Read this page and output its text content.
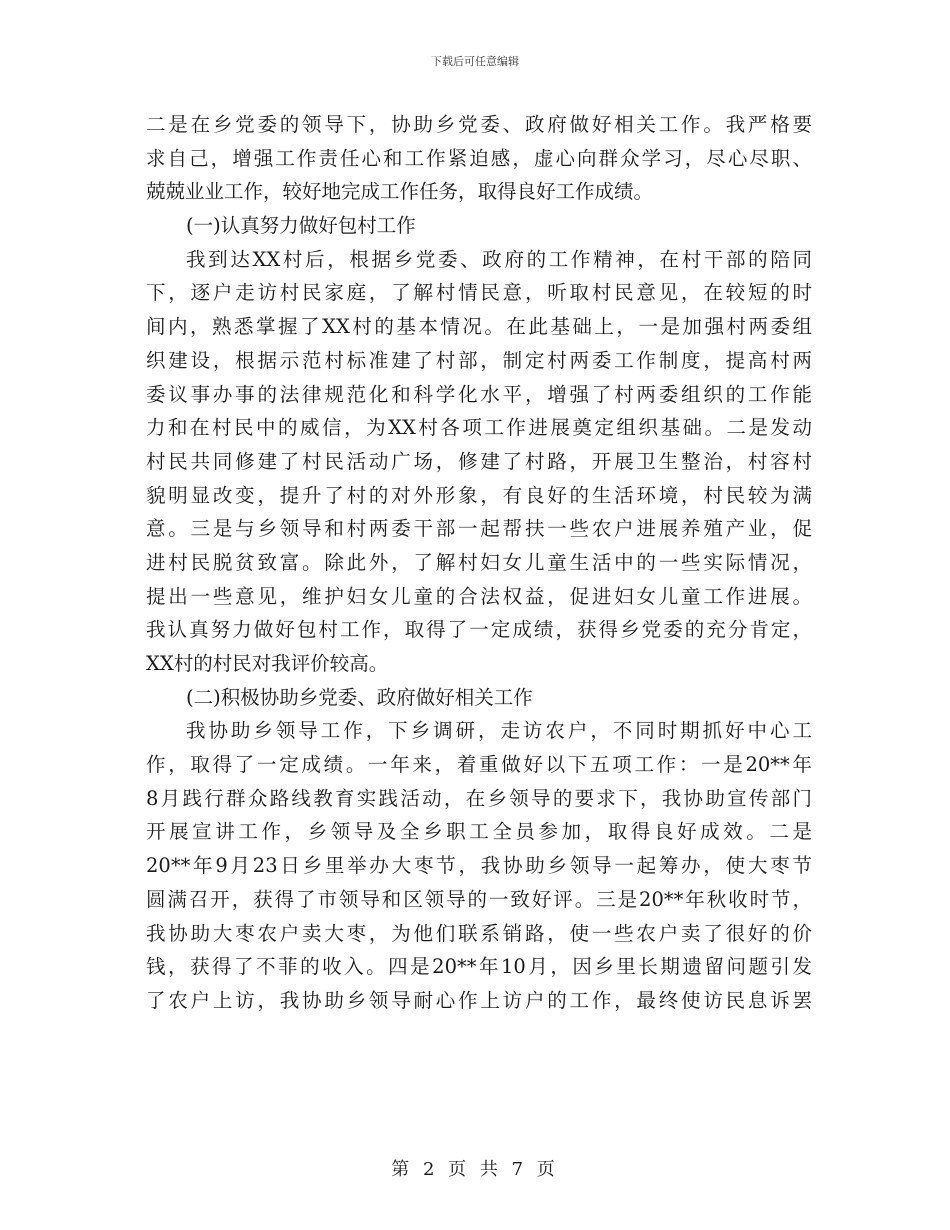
下载后可任意编辑
二是在乡党委的领导下，协助乡党委、政府做好相关工作。我严格要
求自己，增强工作责任心和工作紧迫感，虚心向群众学习，尽心尽职、
兢兢业业工作，较好地完成工作任务，取得良好工作成绩。
(一)认真努力做好包村工作
我到达XX村后，根据乡党委、政府的工作精神，在村干部的陪同
下，逐户走访村民家庭，了解村情民意，听取村民意见，在较短的时
间内，熟悉掌握了XX村的基本情况。在此基础上，一是加强村两委组
织建设，根据示范村标准建了村部，制定村两委工作制度，提高村两
委议事办事的法律规范化和科学化水平，增强了村两委组织的工作能
力和在村民中的威信，为XX村各项工作进展奠定组织基础。二是发动
村民共同修建了村民活动广场，修建了村路，开展卫生整治，村容村
貌明显改变，提升了村的对外形象，有良好的生活环境，村民较为满
意。三是与乡领导和村两委干部一起帮扶一些农户进展养殖产业，促
进村民脱贫致富。除此外，了解村妇女儿童生活中的一些实际情况，
提出一些意见，维护妇女儿童的合法权益，促进妇女儿童工作进展。
我认真努力做好包村工作，取得了一定成绩，获得乡党委的充分肯定，
XX村的村民对我评价较高。
(二)积极协助乡党委、政府做好相关工作
我协助乡领导工作，下乡调研，走访农户，不同时期抓好中心工
作，取得了一定成绩。一年来，着重做好以下五项工作：一是20**年
8月践行群众路线教育实践活动，在乡领导的要求下，我协助宣传部门
开展宣讲工作，乡领导及全乡职工全员参加，取得良好成效。二是
20**年9月23日乡里举办大枣节，我协助乡领导一起筹办，使大枣节
圆满召开，获得了市领导和区领导的一致好评。三是20**年秋收时节，
我协助大枣农户卖大枣，为他们联系销路，使一些农户卖了很好的价
钱，获得了不菲的收入。四是20**年10月，因乡里长期遗留问题引发
了农户上访，我协助乡领导耐心作上访户的工作，最终使访民息诉罢
第 2 页 共 7 页
